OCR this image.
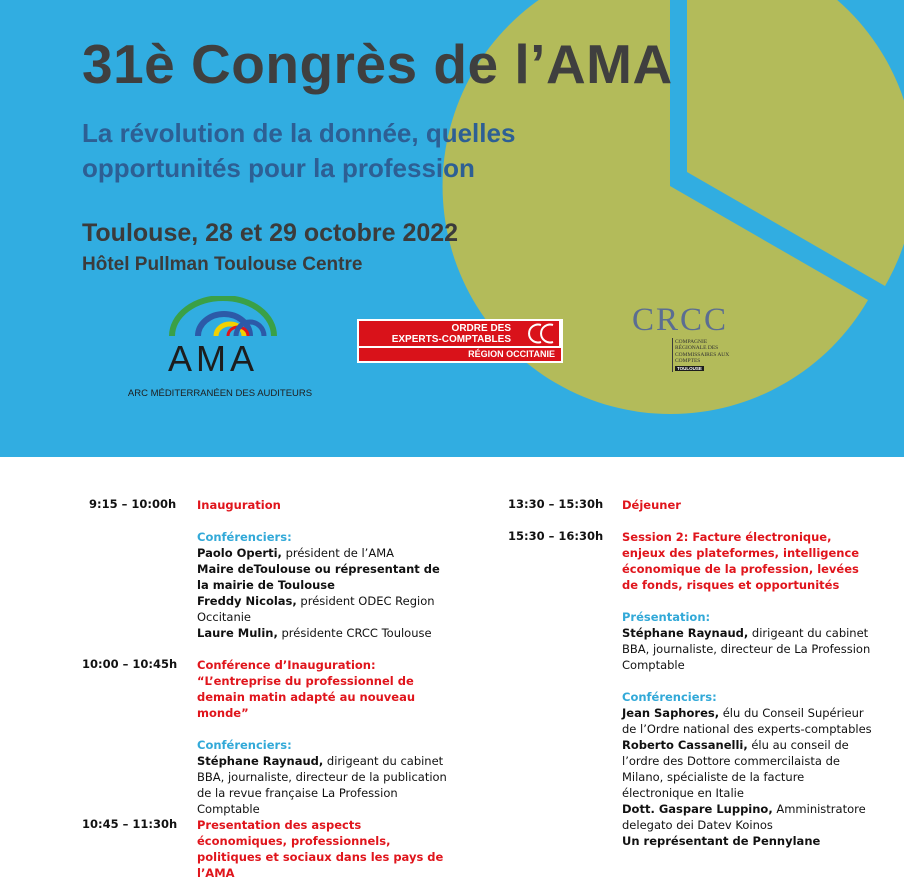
31è Congrès de l’AMA
La révolution de la donnée, quelles opportunités pour la profession
Toulouse, 28 et 29 octobre 2022
Hôtel Pullman Toulouse Centre
AMA
ARC MÉDITERRANÉEN DES AUDITEURS
ORDRE DES
EXPERTS-COMPTABLES
RÉGION OCCITANIE
CRCC
COMPAGNIE
RÉGIONALE DES
COMMISSAIRES AUX
COMPTES
TOULOUSE
9:15 – 10:00h Inauguration
Conférenciers:
Paolo Operti, président de l’AMA
Maire deToulouse ou répresentant de la mairie de Toulouse
Freddy Nicolas, président ODEC Region Occitanie
Laure Mulin, présidente CRCC Toulouse
10:00 – 10:45h Conférence d’Inauguration: “L’entreprise du professionnel de demain matin adapté au nouveau monde”
Conférenciers:
Stéphane Raynaud, dirigeant du cabinet BBA, journaliste, directeur de la publication de la revue française La Profession Comptable
10:45 – 11:30h Presentation des aspects économiques, professionnels, politiques et sociaux dans les pays de l’AMA
13:30 – 15:30h Déjeuner
15:30 – 16:30h Session 2: Facture électronique, enjeux des plateformes, intelligence économique de la profession, levées de fonds, risques et opportunités
Présentation:
Stéphane Raynaud, dirigeant du cabinet BBA, journaliste, directeur de La Profession Comptable
Conférenciers:
Jean Saphores, élu du Conseil Supérieur de l’Ordre national des experts-comptables
Roberto Cassanelli, élu au conseil de l’ordre des Dottore commercilaista de Milano, spécialiste de la facture électronique en Italie
Dott. Gaspare Luppino, Amministratore delegato dei Datev Koinos
Un représentant de Pennylane
